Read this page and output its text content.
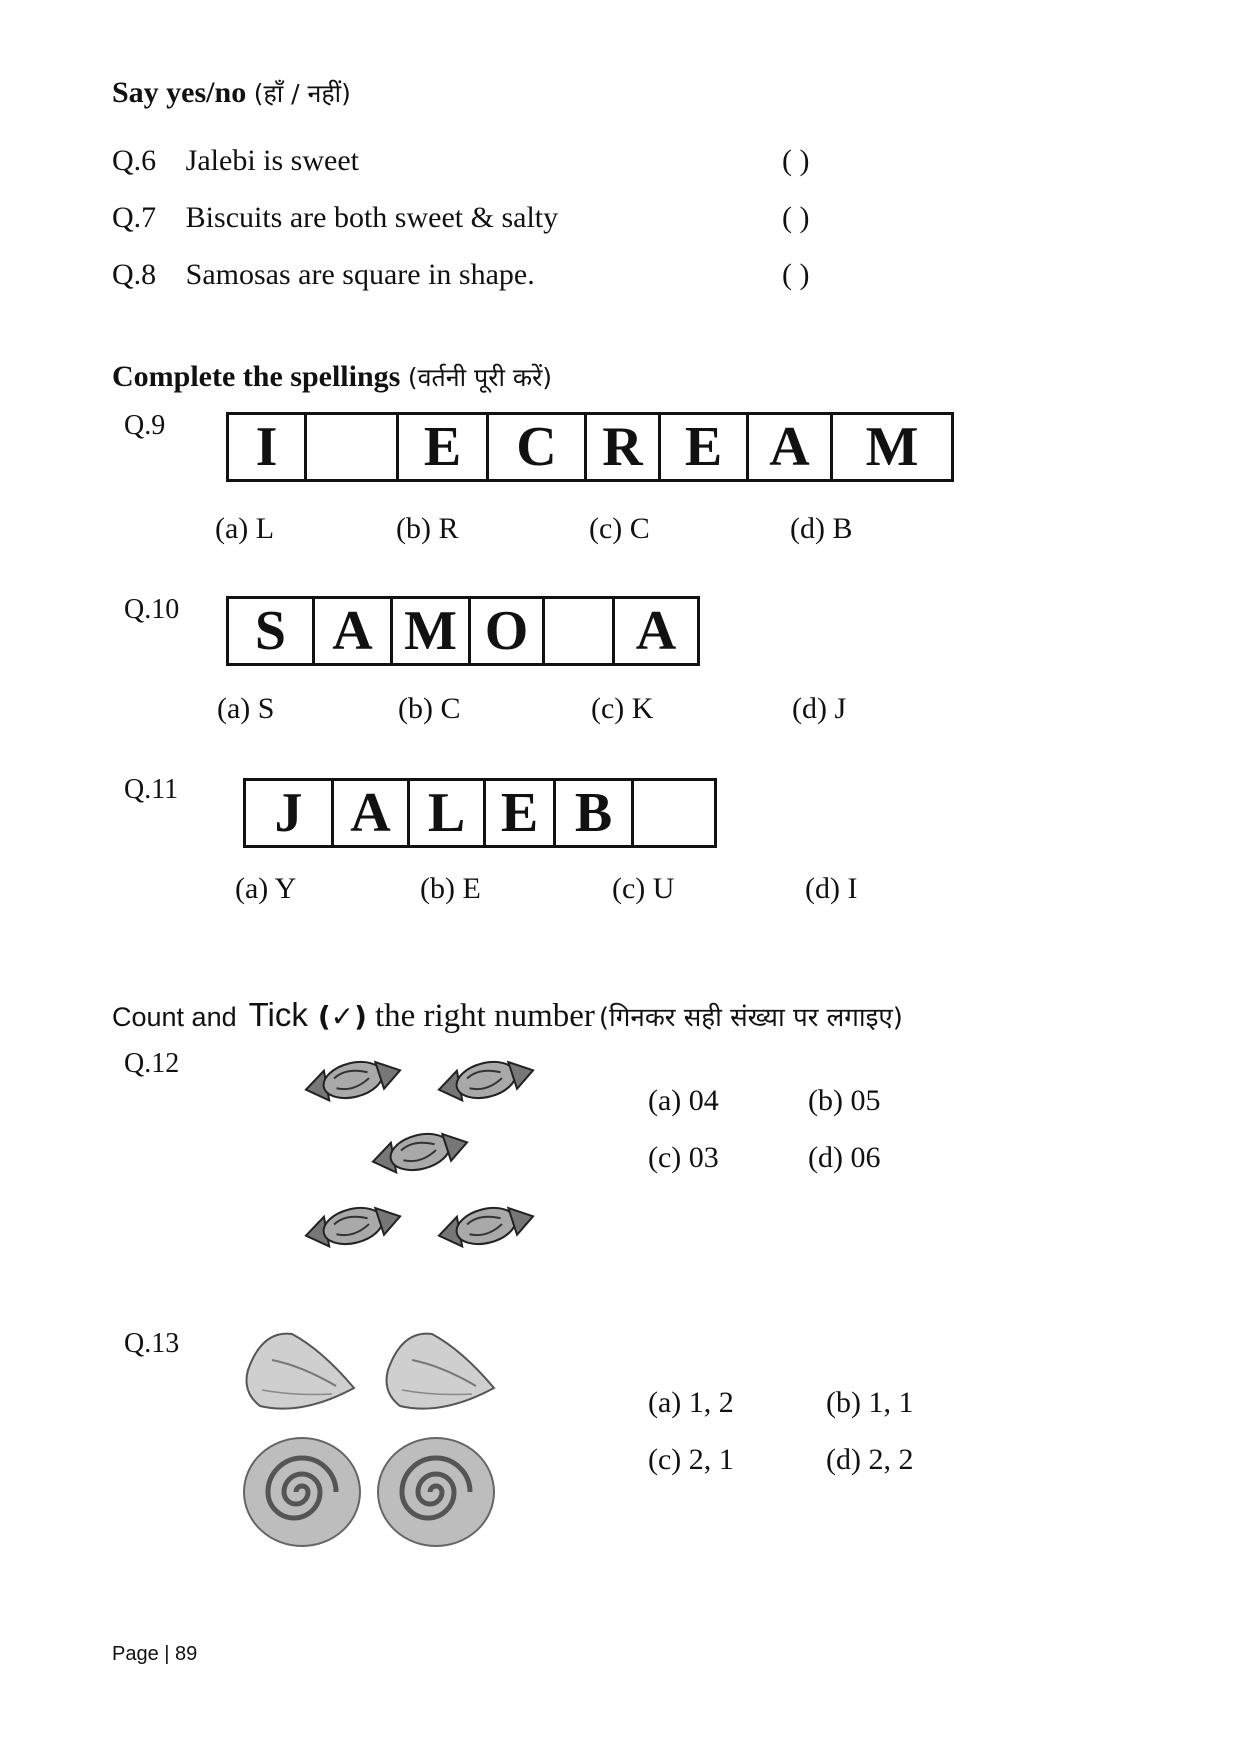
Say yes/no (हाँ / नहीं)
Q.6 Jalebi is sweet	( )
Q.7 Biscuits are both sweet & salty	( )
Q.8 Samosas are square in shape.	( )
Complete the spellings (वर्तनी पूरी करें)
Q.9	I	E C R E A M
(a) L	(b) R	(c) C	(d) B
Q.10	S A M O	A
(a) S	(b) C	(c) K	(d) J
Q.11	J A L E B
(a) Y	(b) E	(c) U	(d) I
Count and Tick (✓) the right number (गिनकर सही संख्या पर लगाइए)
Q.12
(a) 04	(b) 05
(c) 03	(d) 06
Q.13
(a) 1, 2	(b) 1, 1
(c) 2, 1	(d) 2, 2
Page | 89
